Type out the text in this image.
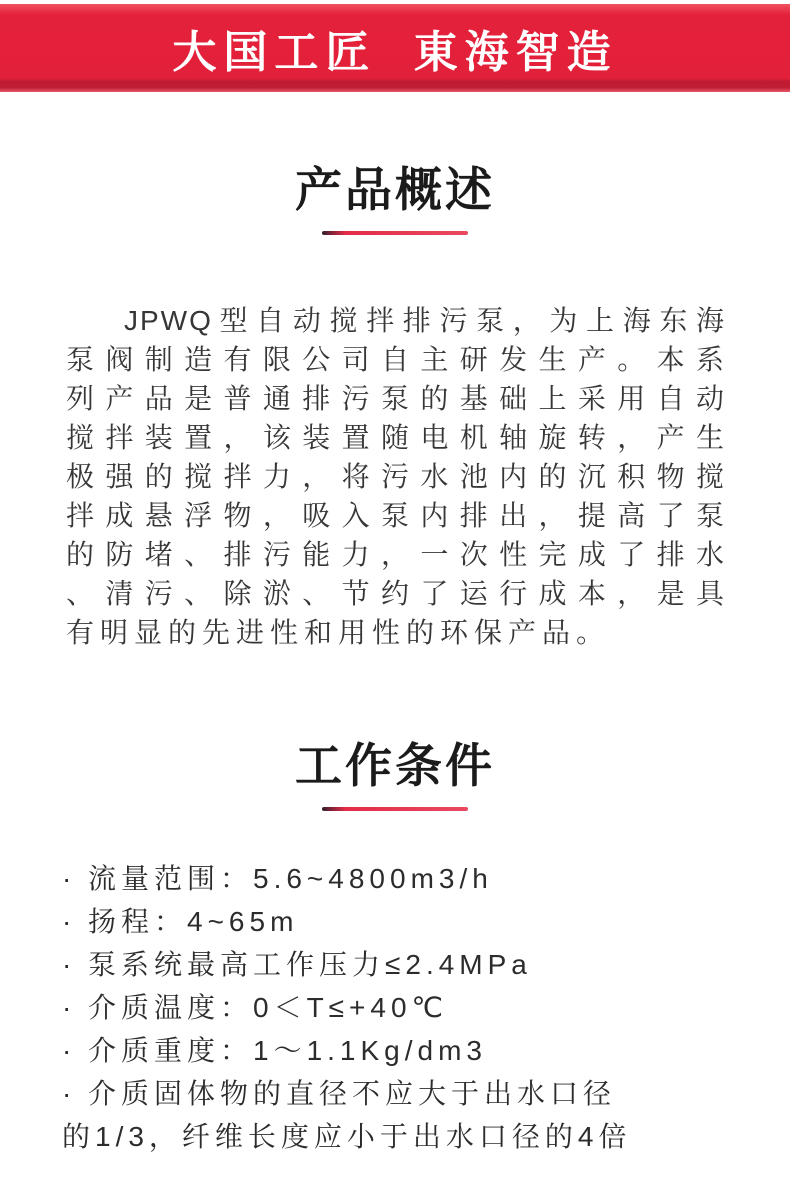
大国工匠 東海智造
产品概述
JPWQ型自动搅拌排污泵，为上海东海
泵阀制造有限公司自主研发生产。本系
列产品是普通排污泵的基础上采用自动
搅拌装置，该装置随电机轴旋转，产生
极强的搅拌力，将污水池内的沉积物搅
拌成悬浮物，吸入泵内排出，提高了泵
的防堵、排污能力，一次性完成了排水
、清污、除淤、节约了运行成本，是具
有明显的先进性和用性的环保产品。
工作条件
· 流量范围：5.6~4800m3/h
· 扬程：4~65m
· 泵系统最高工作压力≤2.4MPa
· 介质温度：0＜T≤+40℃
· 介质重度：1～1.1Kg/dm3
· 介质固体物的直径不应大于出水口径
的1/3，纤维长度应小于出水口径的4倍
